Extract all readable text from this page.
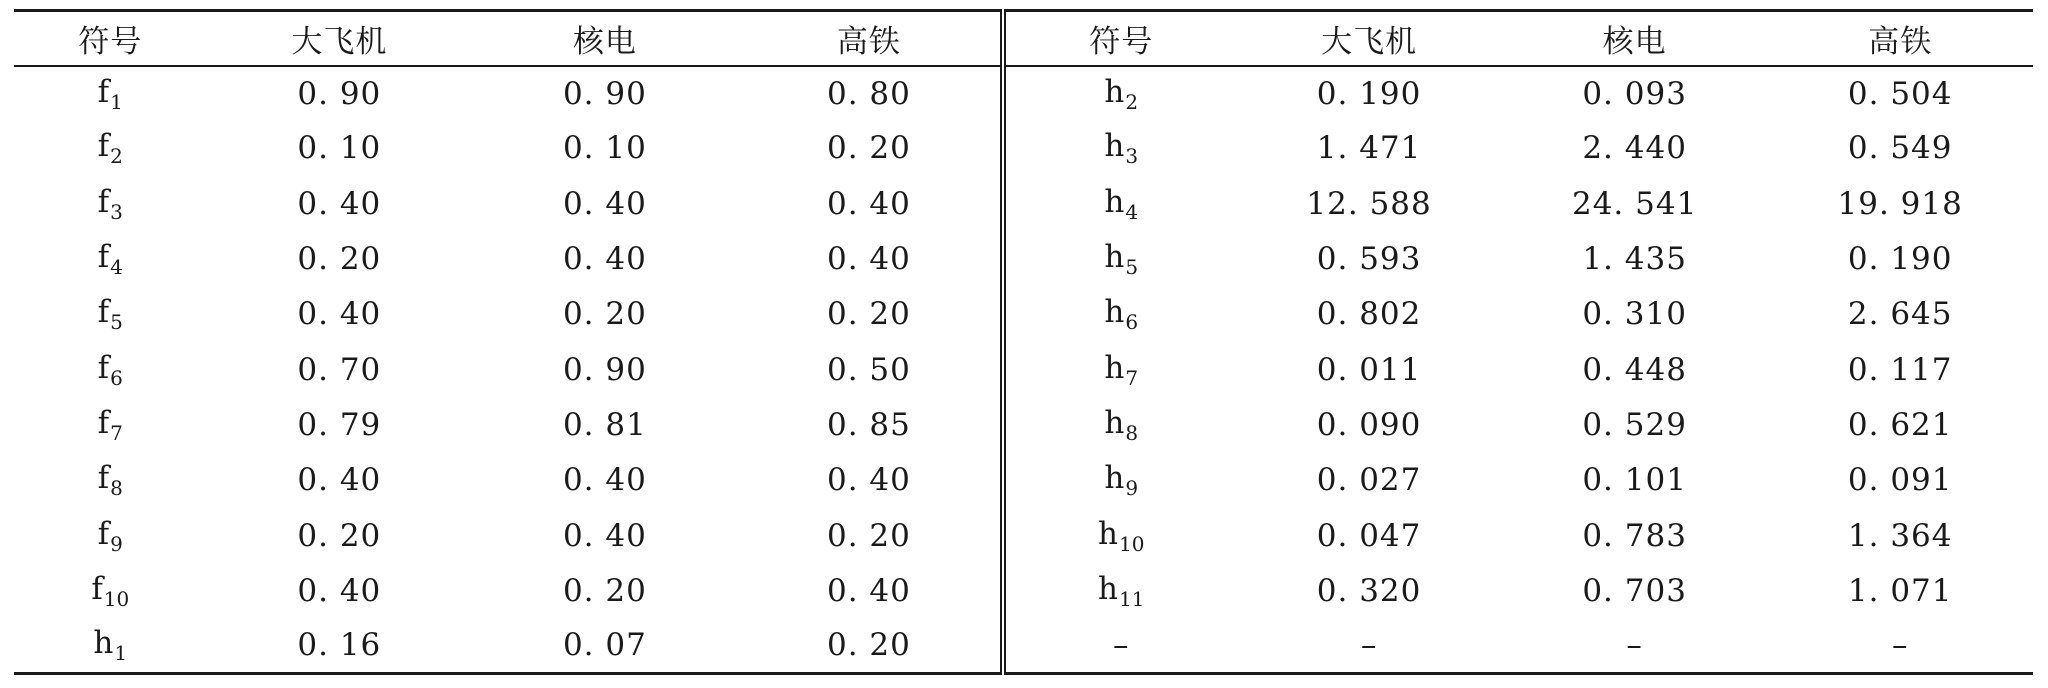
符号	大飞机	核电	高铁	符号	大飞机	核电	高铁
$f_1$	0. 90	0. 90	0. 80	$h_2$	0. 190	0. 093	0. 504
$f_2$	0. 10	0. 10	0. 20	$h_3$	1. 471	2. 440	0. 549
$f_3$	0. 40	0. 40	0. 40	$h_4$	12. 588	24. 541	19. 918
$f_4$	0. 20	0. 40	0. 40	$h_5$	0. 593	1. 435	0. 190
$f_5$	0. 40	0. 20	0. 20	$h_6$	0. 802	0. 310	2. 645
$f_6$	0. 70	0. 90	0. 50	$h_7$	0. 011	0. 448	0. 117
$f_7$	0. 79	0. 81	0. 85	$h_8$	0. 090	0. 529	0. 621
$f_8$	0. 40	0. 40	0. 40	$h_9$	0. 027	0. 101	0. 091
$f_9$	0. 20	0. 40	0. 20	$h_{10}$	0. 047	0. 783	1. 364
$f_{10}$	0. 40	0. 20	0. 40	$h_{11}$	0. 320	0. 703	1. 071
$h_1$	0. 16	0. 07	0. 20	–	–	–	–
